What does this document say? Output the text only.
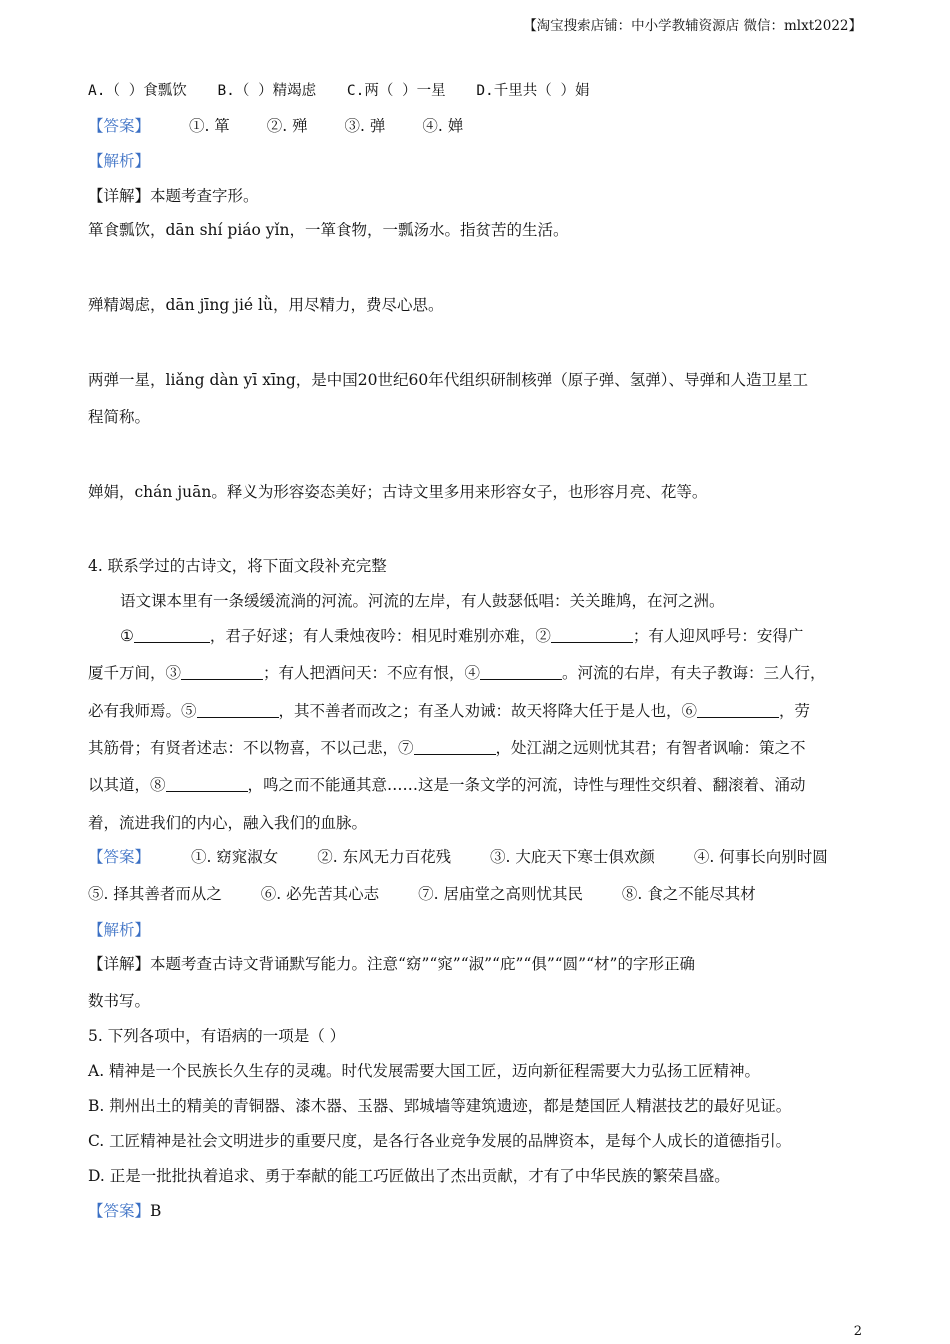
【淘宝搜索店铺：中小学教辅资源店 微信：mlxt2022】
A.（ ）食瓢饮 B.（ ）精竭虑 C.两（ ）一星 D.千里共（ ）娟
【答案】	①. 箪 ②. 殚 ③. 弹 ④. 婵
【解析】
【详解】本题考查字形。
箪食瓢饮，dān shí piáo yǐn，一箪食物，一瓢汤水。指贫苦的生活。
殚精竭虑，dān jīng jié lǜ，用尽精力，费尽心思。
两弹一星，liǎng dàn yī xīng，是中国20世纪60年代组织研制核弹（原子弹、氢弹）、导弹和人造卫星工
程简称。
婵娟，chán juān。释义为形容姿态美好；古诗文里多用来形容女子，也形容月亮、花等。
4. 联系学过的古诗文，将下面文段补充完整
语文课本里有一条缓缓流淌的河流。河流的左岸，有人鼓瑟低唱：关关雎鸠，在河之洲。
①	，君子好逑；有人秉烛夜吟：相见时难别亦难，②	；有人迎风呼号：安得广
厦千万间，③	；有人把酒问天：不应有恨，④	。河流的右岸，有夫子教诲：三人行，
必有我师焉。⑤	，其不善者而改之；有圣人劝诫：故天将降大任于是人也，⑥	，劳
其筋骨；有贤者述志：不以物喜，不以己悲，⑦	，处江湖之远则忧其君；有智者讽喻：策之不
以其道，⑧	，鸣之而不能通其意……这是一条文学的河流，诗性与理性交织着、翻滚着、涌动
着，流进我们的内心，融入我们的血脉。
【答案】	①. 窈窕淑女	②. 东风无力百花残	③. 大庇天下寒士俱欢颜	④. 何事长向别时圆
⑤. 择其善者而从之	⑥. 必先苦其心志	⑦. 居庙堂之高则忧其民	⑧. 食之不能尽其材
【解析】
【详解】本题考查古诗文背诵默写能力。注意“窈”“窕”“淑”“庇”“俱”“圆”“材”的字形正确
数书写。
5. 下列各项中，有语病的一项是（ ）
A. 精神是一个民族长久生存的灵魂。时代发展需要大国工匠，迈向新征程需要大力弘扬工匠精神。
B. 荆州出土的精美的青铜器、漆木器、玉器、郢城墙等建筑遗迹，都是楚国匠人精湛技艺的最好见证。
C. 工匠精神是社会文明进步的重要尺度，是各行各业竞争发展的品牌资本，是每个人成长的道德指引。
D. 正是一批批执着追求、勇于奉献的能工巧匠做出了杰出贡献，才有了中华民族的繁荣昌盛。
【答案】B
2
